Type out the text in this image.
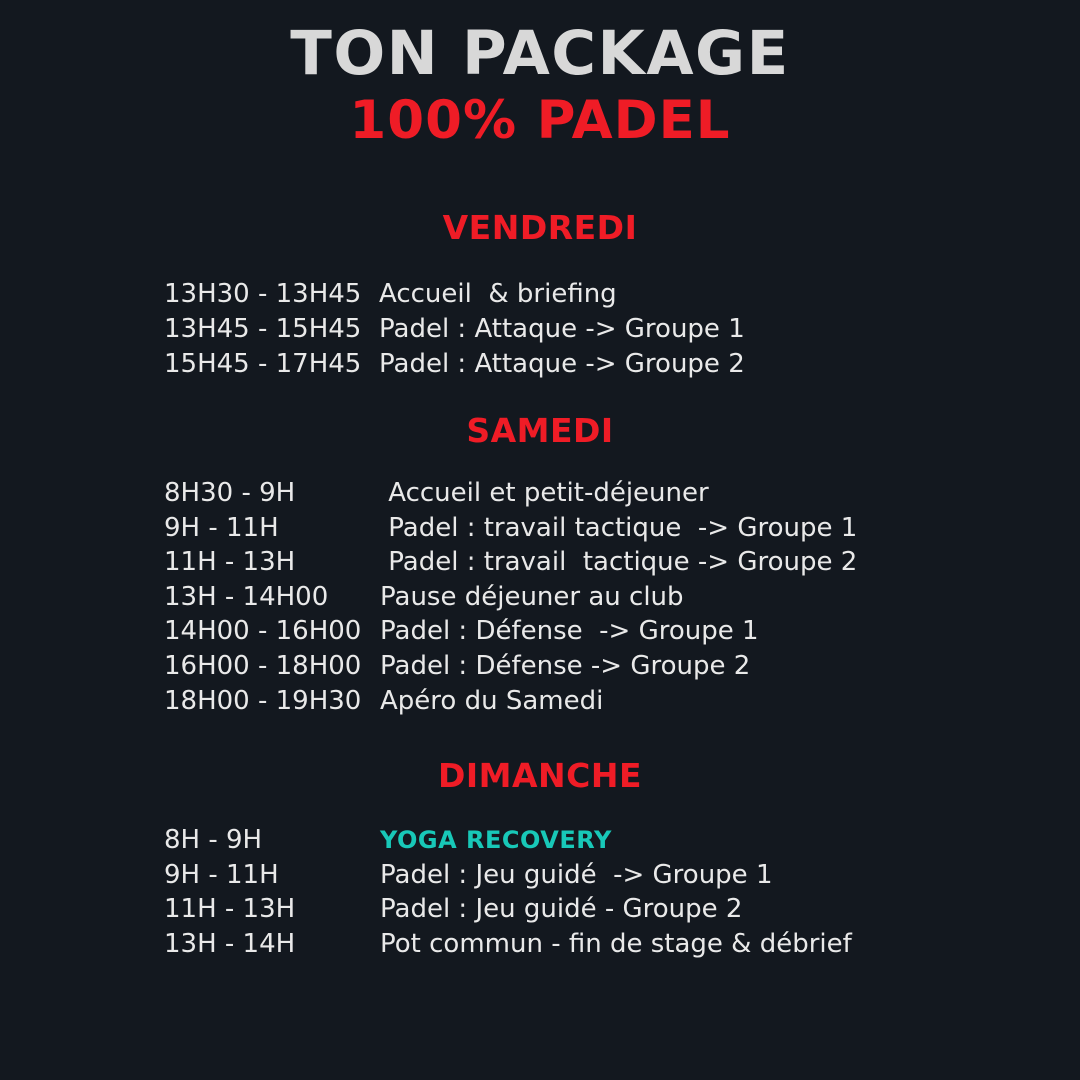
TON PACKAGE
100% PADEL
VENDREDI
13H30 - 13H45 Accueil  & briefing
13H45 - 15H45 Padel : Attaque -> Groupe 1
15H45 - 17H45 Padel : Attaque -> Groupe 2
SAMEDI
8H30 - 9H	Accueil et petit-déjeuner
9H - 11H	Padel : travail tactique  -> Groupe 1
11H - 13H	Padel : travail  tactique -> Groupe 2
13H - 14H00	Pause déjeuner au club
14H00 - 16H00 Padel : Défense  -> Groupe 1
16H00 - 18H00 Padel : Défense -> Groupe 2
18H00 - 19H30 Apéro du Samedi
DIMANCHE
8H - 9H	YOGA RECOVERY
9H - 11H	Padel : Jeu guidé  -> Groupe 1
11H - 13H	Padel : Jeu guidé - Groupe 2
13H - 14H	Pot commun - fin de stage & débrief
